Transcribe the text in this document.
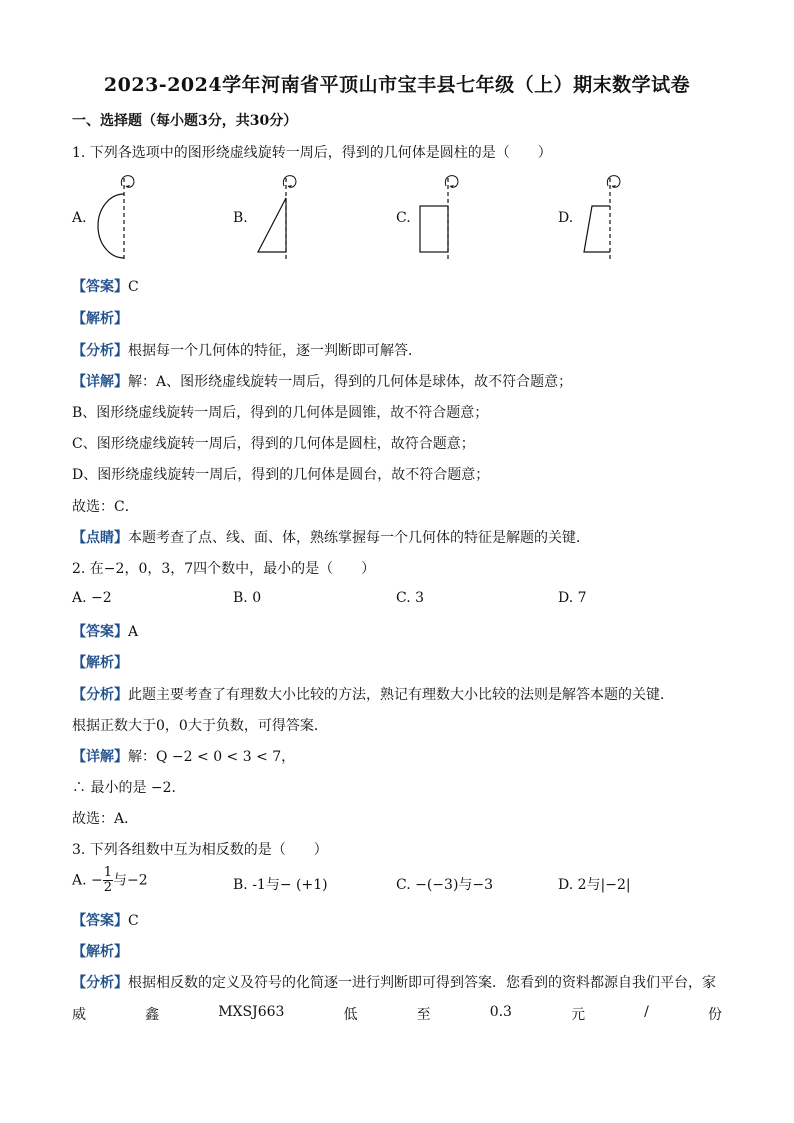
2023-2024学年河南省平顶山市宝丰县七年级（上）期末数学试卷
一、选择题（每小题3分，共30分）
1. 下列各选项中的图形绕虚线旋转一周后，得到的几何体是圆柱的是（　　）
A.	B.	C.	D.
【答案】C
【解析】
【分析】根据每一个几何体的特征，逐一判断即可解答．
【详解】解：A、图形绕虚线旋转一周后，得到的几何体是球体，故不符合题意；
B、图形绕虚线旋转一周后，得到的几何体是圆锥，故不符合题意；
C、图形绕虚线旋转一周后，得到的几何体是圆柱，故符合题意；
D、图形绕虚线旋转一周后，得到的几何体是圆台，故不符合题意；
故选：C．
【点睛】本题考查了点、线、面、体，熟练掌握每一个几何体的特征是解题的关键．
2. 在−2，0，3，7四个数中，最小的是（　　）
A. −2	B. 0	C. 3	D. 7
【答案】A
【解析】
【分析】此题主要考查了有理数大小比较的方法，熟记有理数大小比较的法则是解答本题的关键．
根据正数大于0，0大于负数，可得答案．
【详解】解：Q −2 < 0 < 3 < 7，
∴ 最小的是 −2．
故选：A．
3. 下列各组数中互为相反数的是（　　）
A. − $\frac{1}{2}$ 与−2	B. -1与− (+1)	C. −(−3)与−3	D. 2与|−2|
【答案】C
【解析】
【分析】根据相反数的定义及符号的化简逐一进行判断即可得到答案．您看到的资料都源自我们平台，家
威	鑫	MXSJ663	低	至	0.3	元	/	份
